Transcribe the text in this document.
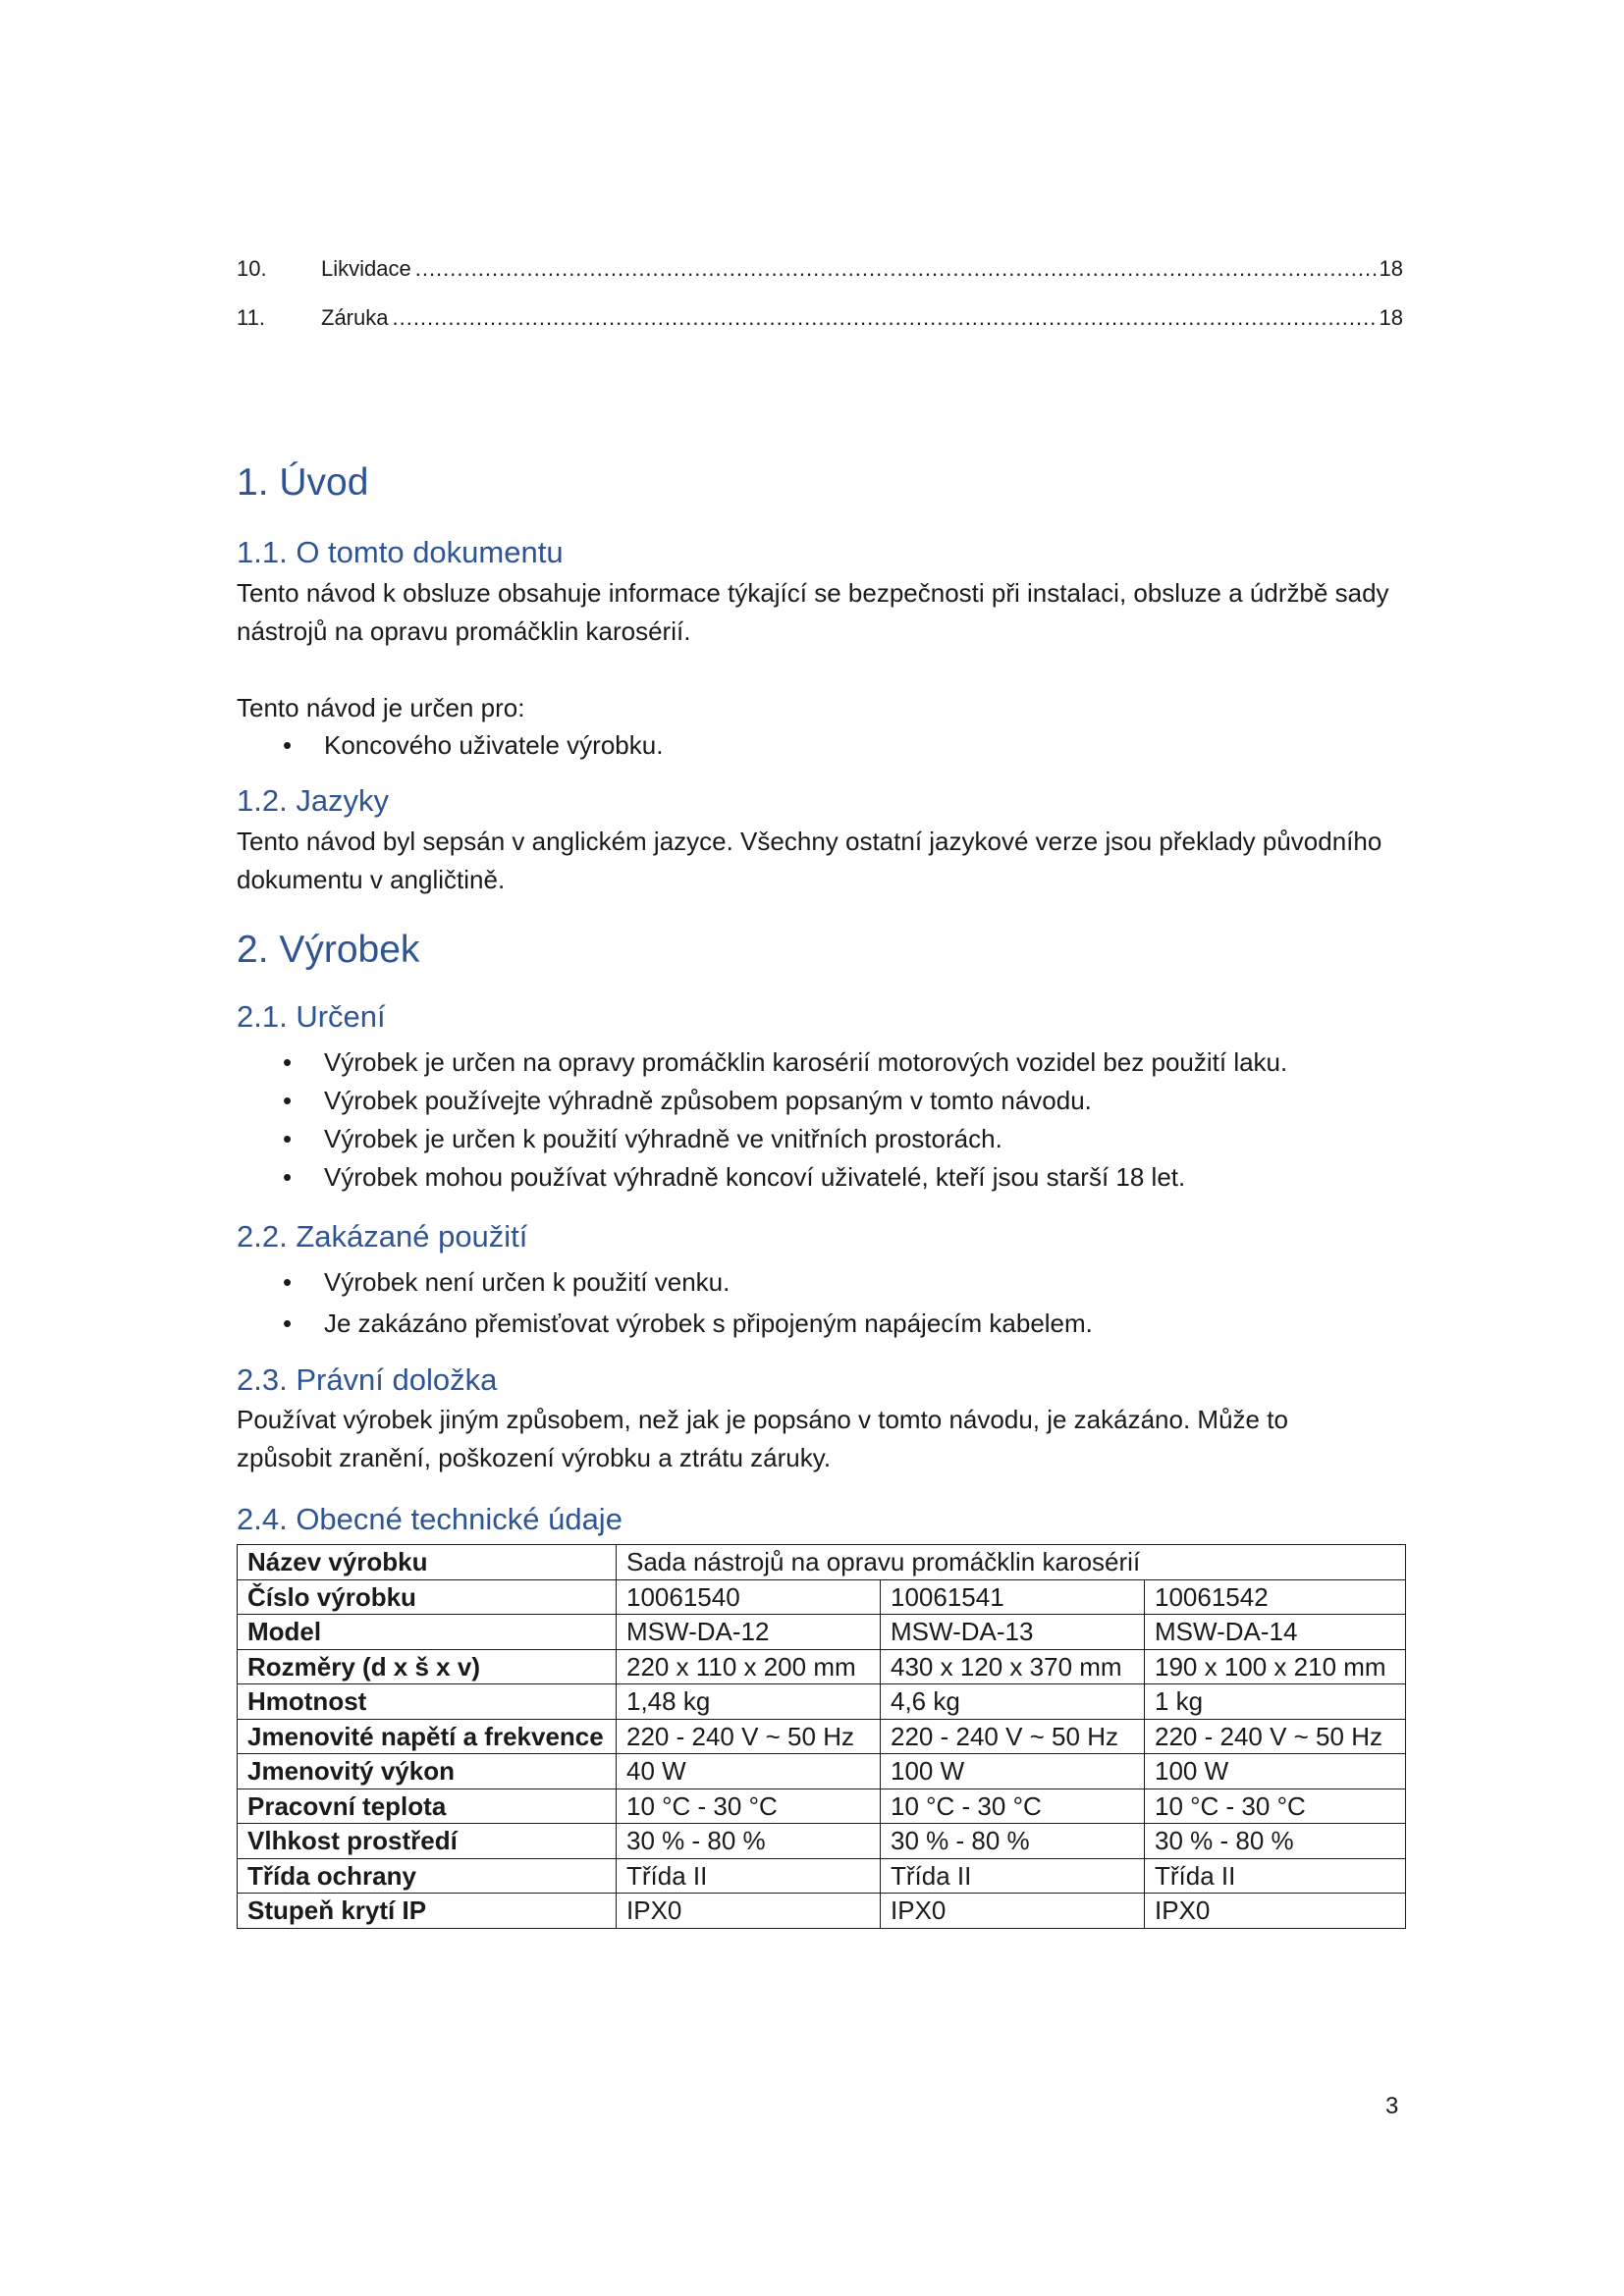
10.	Likvidace .....	18
11.	Záruka .....	18
1. Úvod
1.1. O tomto dokumentu

Tento návod k obsluze obsahuje informace týkající se bezpečnosti při instalaci, obsluze a údržbě sady

nástrojů na opravu promáčklin karosérií.

Tento návod je určen pro:

• Koncového uživatele výrobku.
1.2. Jazyky

Tento návod byl sepsán v anglickém jazyce. Všechny ostatní jazykové verze jsou překlady původního

dokumentu v angličtině.

2. Výrobek
2.1. Určení
• Výrobek je určen na opravy promáčklin karosérií motorových vozidel bez použití laku.
• Výrobek používejte výhradně způsobem popsaným v tomto návodu.
• Výrobek je určen k použití výhradně ve vnitřních prostorách.
• Výrobek mohou používat výhradně koncoví uživatelé, kteří jsou starší 18 let.
2.2. Zakázané použití
• Výrobek není určen k použití venku.
• Je zakázáno přemisťovat výrobek s připojeným napájecím kabelem.
2.3. Právní doložka

Používat výrobek jiným způsobem, než jak je popsáno v tomto návodu, je zakázáno. Může to

způsobit zranění, poškození výrobku a ztrátu záruky.

2.4. Obecné technické údaje
Název výrobku	Sada nástrojů na opravu promáčklin karosérií		
Číslo výrobku	10061540	10061541	10061542
Model	MSW-DA-12	MSW-DA-13	MSW-DA-14
Rozměry (d x š x v)	220 x 110 x 200 mm	430 x 120 x 370 mm	190 x 100 x 210 mm
Hmotnost	1,48 kg	4,6 kg	1 kg
Jmenovité napětí a frekvence	220 - 240 V ~ 50 Hz	220 - 240 V ~ 50 Hz	220 - 240 V ~ 50 Hz
Jmenovitý výkon	40 W	100 W	100 W
Pracovní teplota	10 °C - 30 °C	10 °C - 30 °C	10 °C - 30 °C
Vlhkost prostředí	30 % - 80 %	30 % - 80 %	30 % - 80 %
Třída ochrany	Třída II	Třída II	Třída II
Stupeň krytí IP	IPX0	IPX0	IPX0
3
